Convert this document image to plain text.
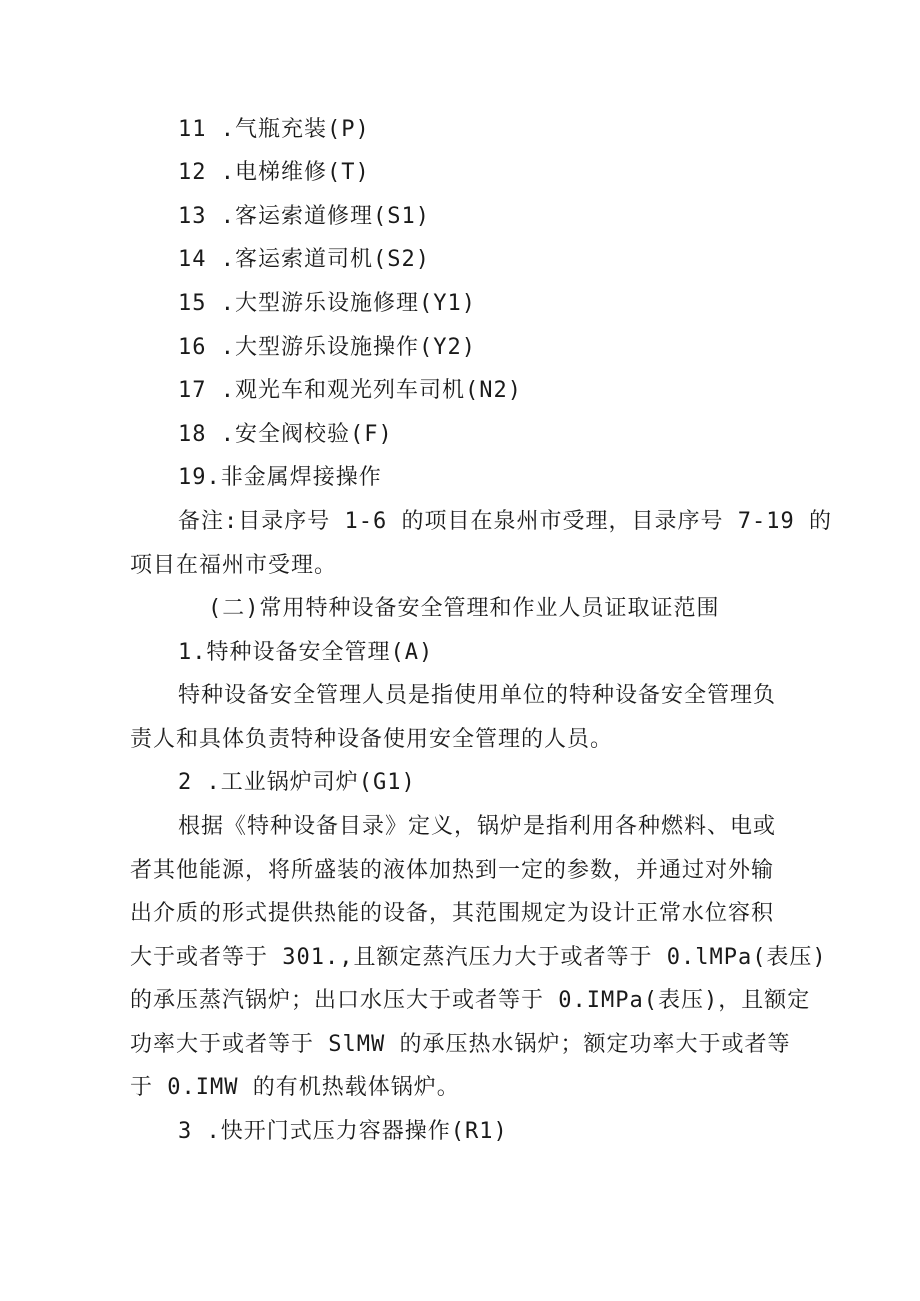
11 .气瓶充装(P)
12 .电梯维修(T)
13 .客运索道修理(S1)
14 .客运索道司机(S2)
15 .大型游乐设施修理(Y1)
16 .大型游乐设施操作(Y2)
17 .观光车和观光列车司机(N2)
18 .安全阀校验(F)
19.非金属焊接操作
备注:目录序号 1-6 的项目在泉州市受理，目录序号 7-19 的
项目在福州市受理。
(二)常用特种设备安全管理和作业人员证取证范围
1.特种设备安全管理(A)
特种设备安全管理人员是指使用单位的特种设备安全管理负
责人和具体负责特种设备使用安全管理的人员。
2 .工业锅炉司炉(G1)
根据《特种设备目录》定义，锅炉是指利用各种燃料、电或
者其他能源，将所盛装的液体加热到一定的参数，并通过对外输
出介质的形式提供热能的设备，其范围规定为设计正常水位容积
大于或者等于 301.,且额定蒸汽压力大于或者等于 0.lMPa(表压)
的承压蒸汽锅炉；出口水压大于或者等于 0.IMPa(表压)，且额定
功率大于或者等于 SlMW 的承压热水锅炉；额定功率大于或者等
于 0.IMW 的有机热载体锅炉。
3 .快开门式压力容器操作(R1)
